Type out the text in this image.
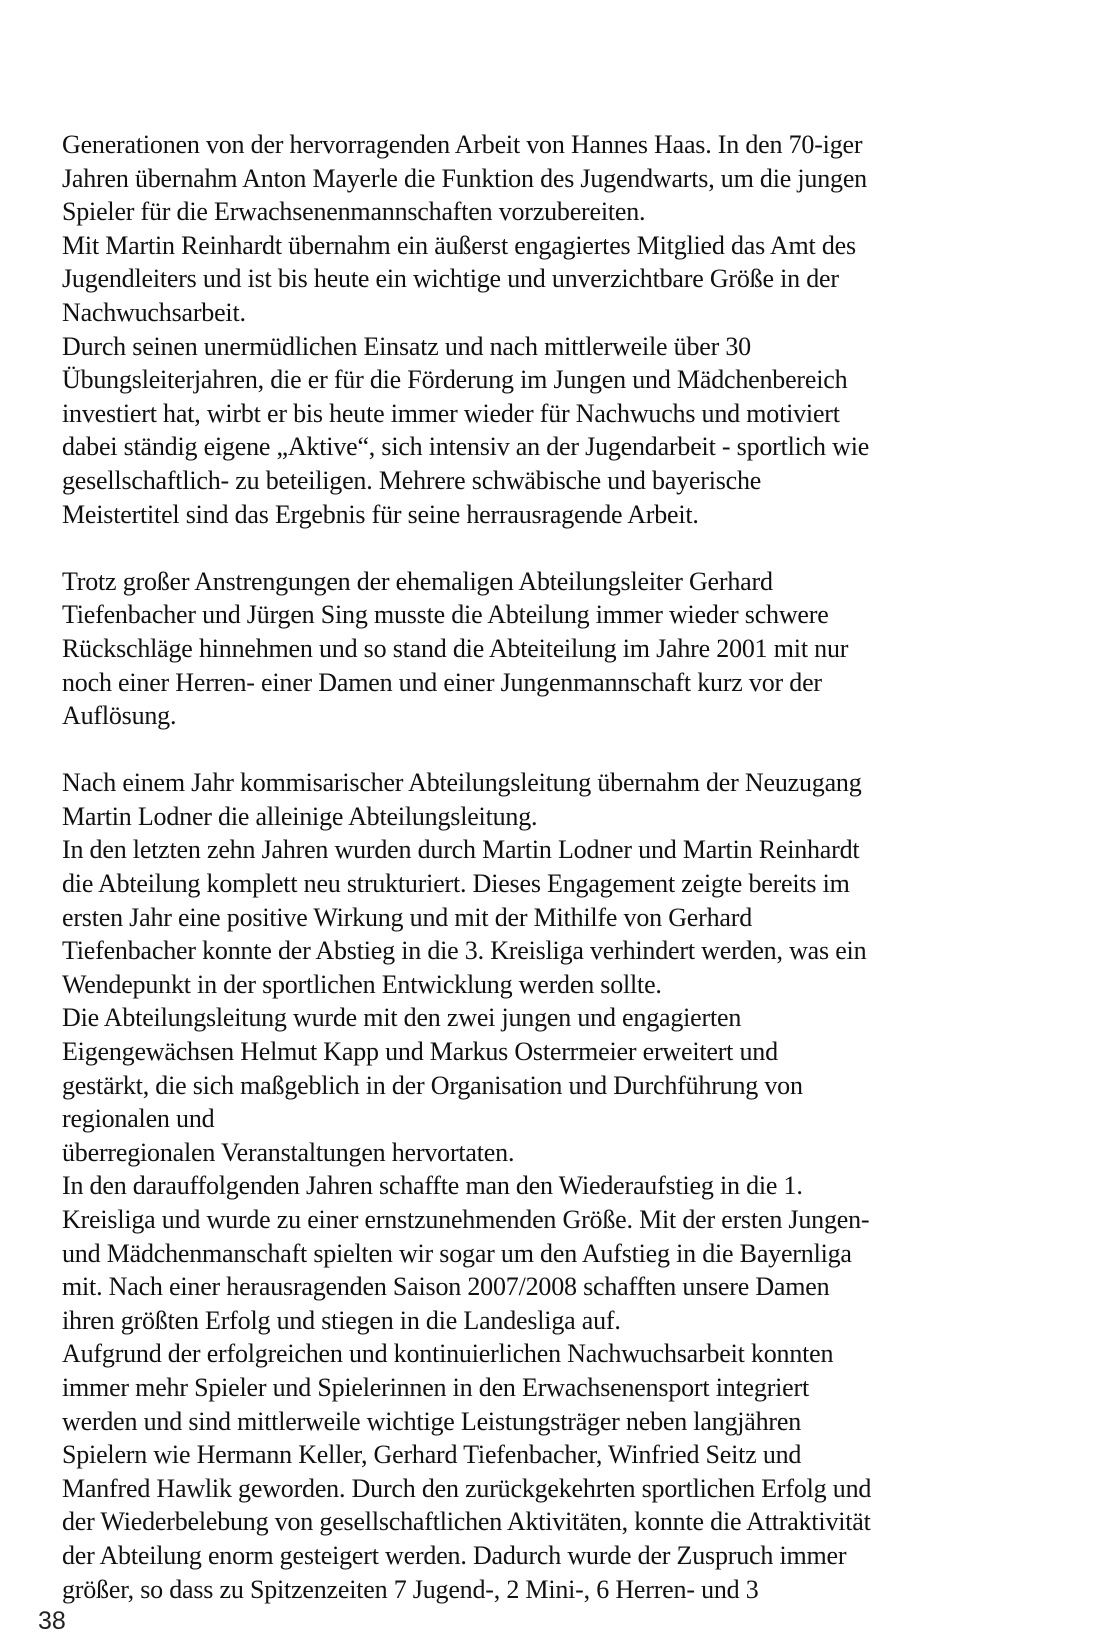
Generationen von der hervorragenden Arbeit von Hannes Haas. In den 70-iger
Jahren übernahm Anton Mayerle die Funktion des Jugendwarts, um die jungen
Spieler für die Erwachsenenmannschaften vorzubereiten.
Mit Martin Reinhardt übernahm ein äußerst engagiertes Mitglied das Amt des
Jugendleiters und ist bis heute ein wichtige und unverzichtbare Größe in der
Nachwuchsarbeit.
Durch seinen unermüdlichen Einsatz und nach mittlerweile über 30
Übungsleiterjahren, die er für die Förderung im Jungen und Mädchenbereich
investiert hat, wirbt er bis heute immer wieder für Nachwuchs und motiviert
dabei ständig eigene „Aktive“, sich intensiv an der Jugendarbeit - sportlich wie
gesellschaftlich- zu beteiligen. Mehrere schwäbische und bayerische
Meistertitel sind das Ergebnis für seine herrausragende Arbeit.
Trotz großer Anstrengungen der ehemaligen Abteilungsleiter Gerhard
Tiefenbacher und Jürgen Sing musste die Abteilung immer wieder schwere
Rückschläge hinnehmen und so stand die Abteiteilung im Jahre 2001 mit nur
noch einer Herren- einer Damen und einer Jungenmannschaft kurz vor der
Auflösung.
Nach einem Jahr kommisarischer Abteilungsleitung übernahm der Neuzugang
Martin Lodner die alleinige Abteilungsleitung.
In den letzten zehn Jahren wurden durch Martin Lodner und Martin Reinhardt
die Abteilung komplett neu strukturiert. Dieses Engagement zeigte bereits im
ersten Jahr eine positive Wirkung und mit der Mithilfe von Gerhard
Tiefenbacher konnte der Abstieg in die 3. Kreisliga verhindert werden, was ein
Wendepunkt in der sportlichen Entwicklung werden sollte.
Die Abteilungsleitung wurde mit den zwei jungen und engagierten
Eigengewächsen Helmut Kapp und Markus Osterrmeier erweitert und
gestärkt, die sich maßgeblich in der Organisation und Durchführung von
regionalen und
überregionalen Veranstaltungen hervortaten.
In den darauffolgenden Jahren schaffte man den Wiederaufstieg in die 1.
Kreisliga und wurde zu einer ernstzunehmenden Größe. Mit der ersten Jungen-
und Mädchenmanschaft spielten wir sogar um den Aufstieg in die Bayernliga
mit. Nach einer herausragenden Saison 2007/2008 schafften unsere Damen
ihren größten Erfolg und stiegen in die Landesliga auf.
Aufgrund der erfolgreichen und kontinuierlichen Nachwuchsarbeit konnten
immer mehr Spieler und Spielerinnen in den Erwachsenensport integriert
werden und sind mittlerweile wichtige Leistungsträger neben langjähren
Spielern wie Hermann Keller, Gerhard Tiefenbacher, Winfried Seitz und
Manfred Hawlik geworden. Durch den zurückgekehrten sportlichen Erfolg und
der Wiederbelebung von gesellschaftlichen Aktivitäten, konnte die Attraktivität
der Abteilung enorm gesteigert werden. Dadurch wurde der Zuspruch immer
größer, so dass zu Spitzenzeiten 7 Jugend-, 2 Mini-, 6 Herren- und 3
38
